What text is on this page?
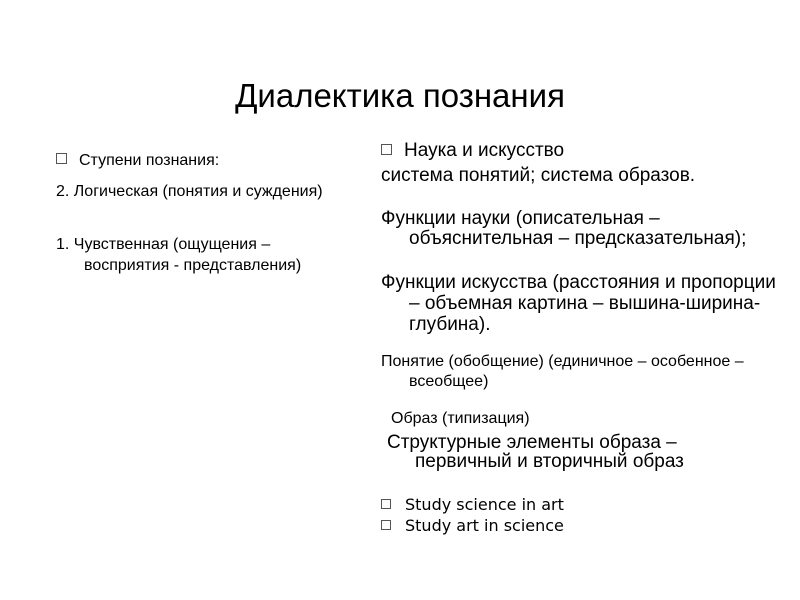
Диалектика познания
Ступени познания:
2. Логическая (понятия и суждения)
1. Чувственная (ощущения – восприятия - представления)
Наука и искусство
система понятий; система образов.
Функции науки (описательная – объяснительная – предсказательная);
Функции искусства (расстояния и пропорции – объемная картина – вышина-ширина-глубина).
Понятие (обобщение) (единичное – особенное – всеобщее)
Образ (типизация)
Структурные элементы образа – первичный и вторичный образ
Study science in art
Study art in science
